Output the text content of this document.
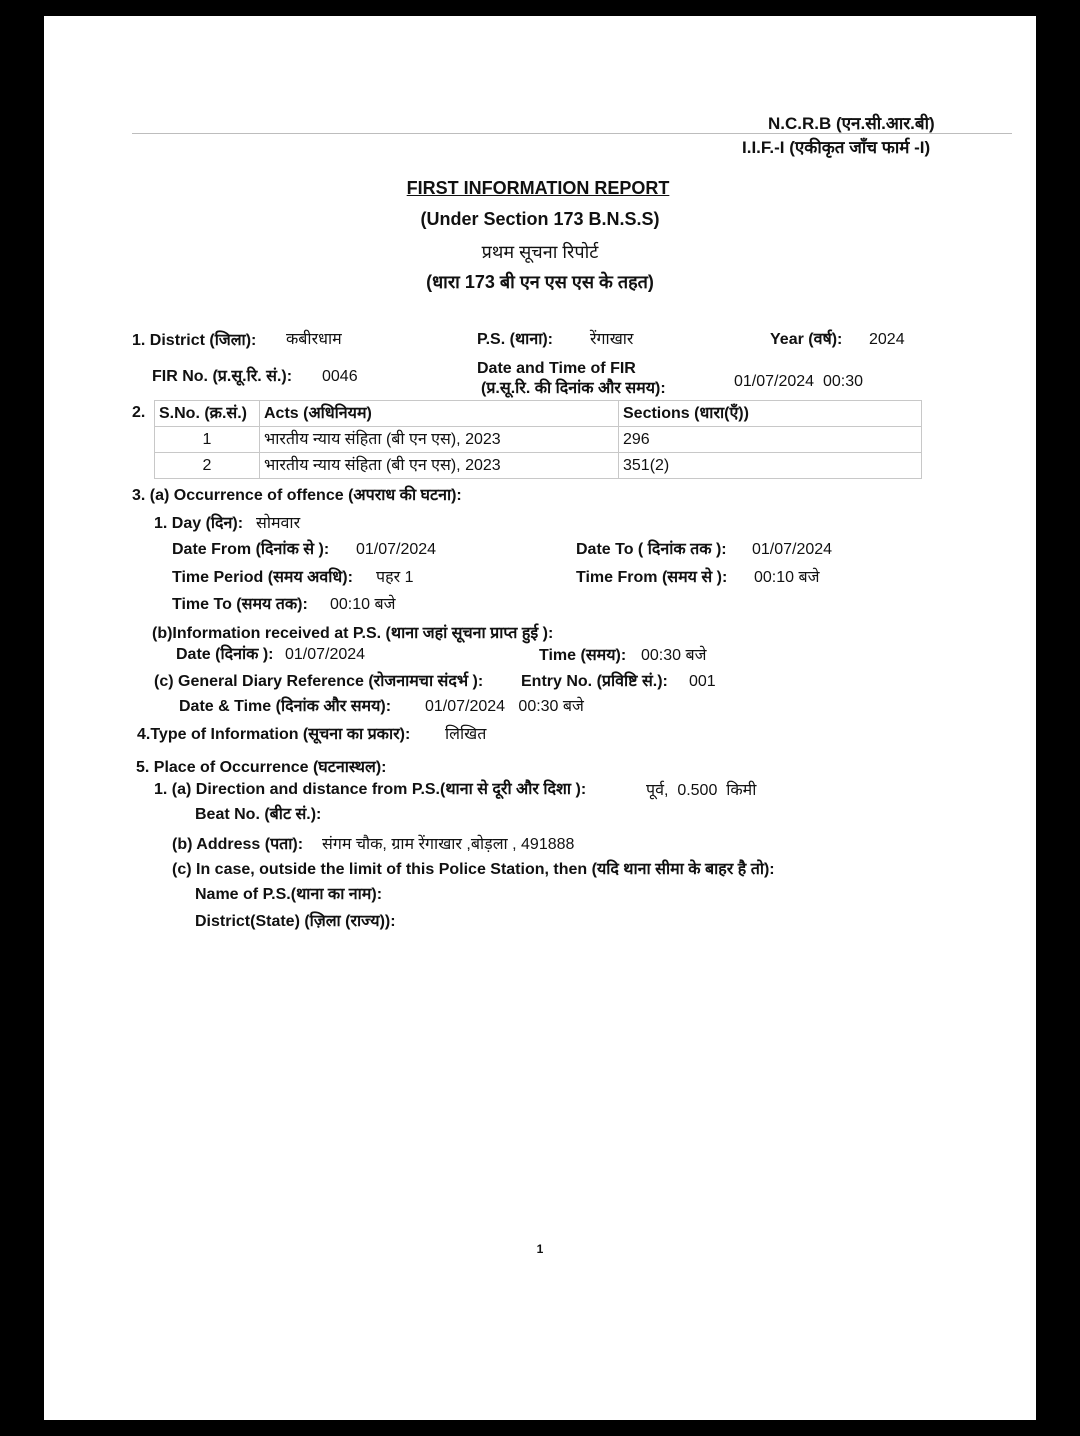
N.C.R.B (एन.सी.आर.बी)
I.I.F.-I (एकीकृत जाँच फार्म -I)
FIRST INFORMATION REPORT
(Under Section 173 B.N.S.S)
प्रथम सूचना रिपोर्ट
(धारा 173 बी एन एस एस के तहत)
1. District (जिला): कबीरधाम	P.S. (थाना): रेंगाखार	Year (वर्ष): 2024
FIR No. (प्र.सू.रि. सं.): 0046	Date and Time of FIR
(प्र.सू.रि. की दिनांक और समय):	01/07/2024  00:30
2. S.No. (क्र.सं.)	Acts (अधिनियम)	Sections (धारा(एँ))
1	भारतीय न्याय संहिता (बी एन एस), 2023	296
2	भारतीय न्याय संहिता (बी एन एस), 2023	351(2)
3. (a) Occurrence of offence (अपराध की घटना):
1. Day (दिन): सोमवार
Date From (दिनांक से ): 01/07/2024	Date To ( दिनांक तक ): 01/07/2024
Time Period (समय अवधि): पहर 1	Time From (समय से ): 00:10 बजे
Time To (समय तक): 00:10 बजे
(b)Information received at P.S. (थाना जहां सूचना प्राप्त हुई ):
Date (दिनांक ): 01/07/2024	Time (समय): 00:30 बजे
(c) General Diary Reference (रोजनामचा संदर्भ ): Entry No. (प्रविष्टि सं.): 001
Date & Time (दिनांक और समय): 01/07/2024   00:30 बजे
4.Type of Information (सूचना का प्रकार): लिखित
5. Place of Occurrence (घटनास्थल):
1. (a) Direction and distance from P.S.(थाना से दूरी और दिशा ):	पूर्व,  0.500  किमी
Beat No. (बीट सं.):
(b) Address (पता): संगम चौक, ग्राम रेंगाखार ,बोड़ला , 491888
(c) In case, outside the limit of this Police Station, then (यदि थाना सीमा के बाहर है तो):
Name of P.S.(थाना का नाम):
District(State) (ज़िला (राज्य)):
1
